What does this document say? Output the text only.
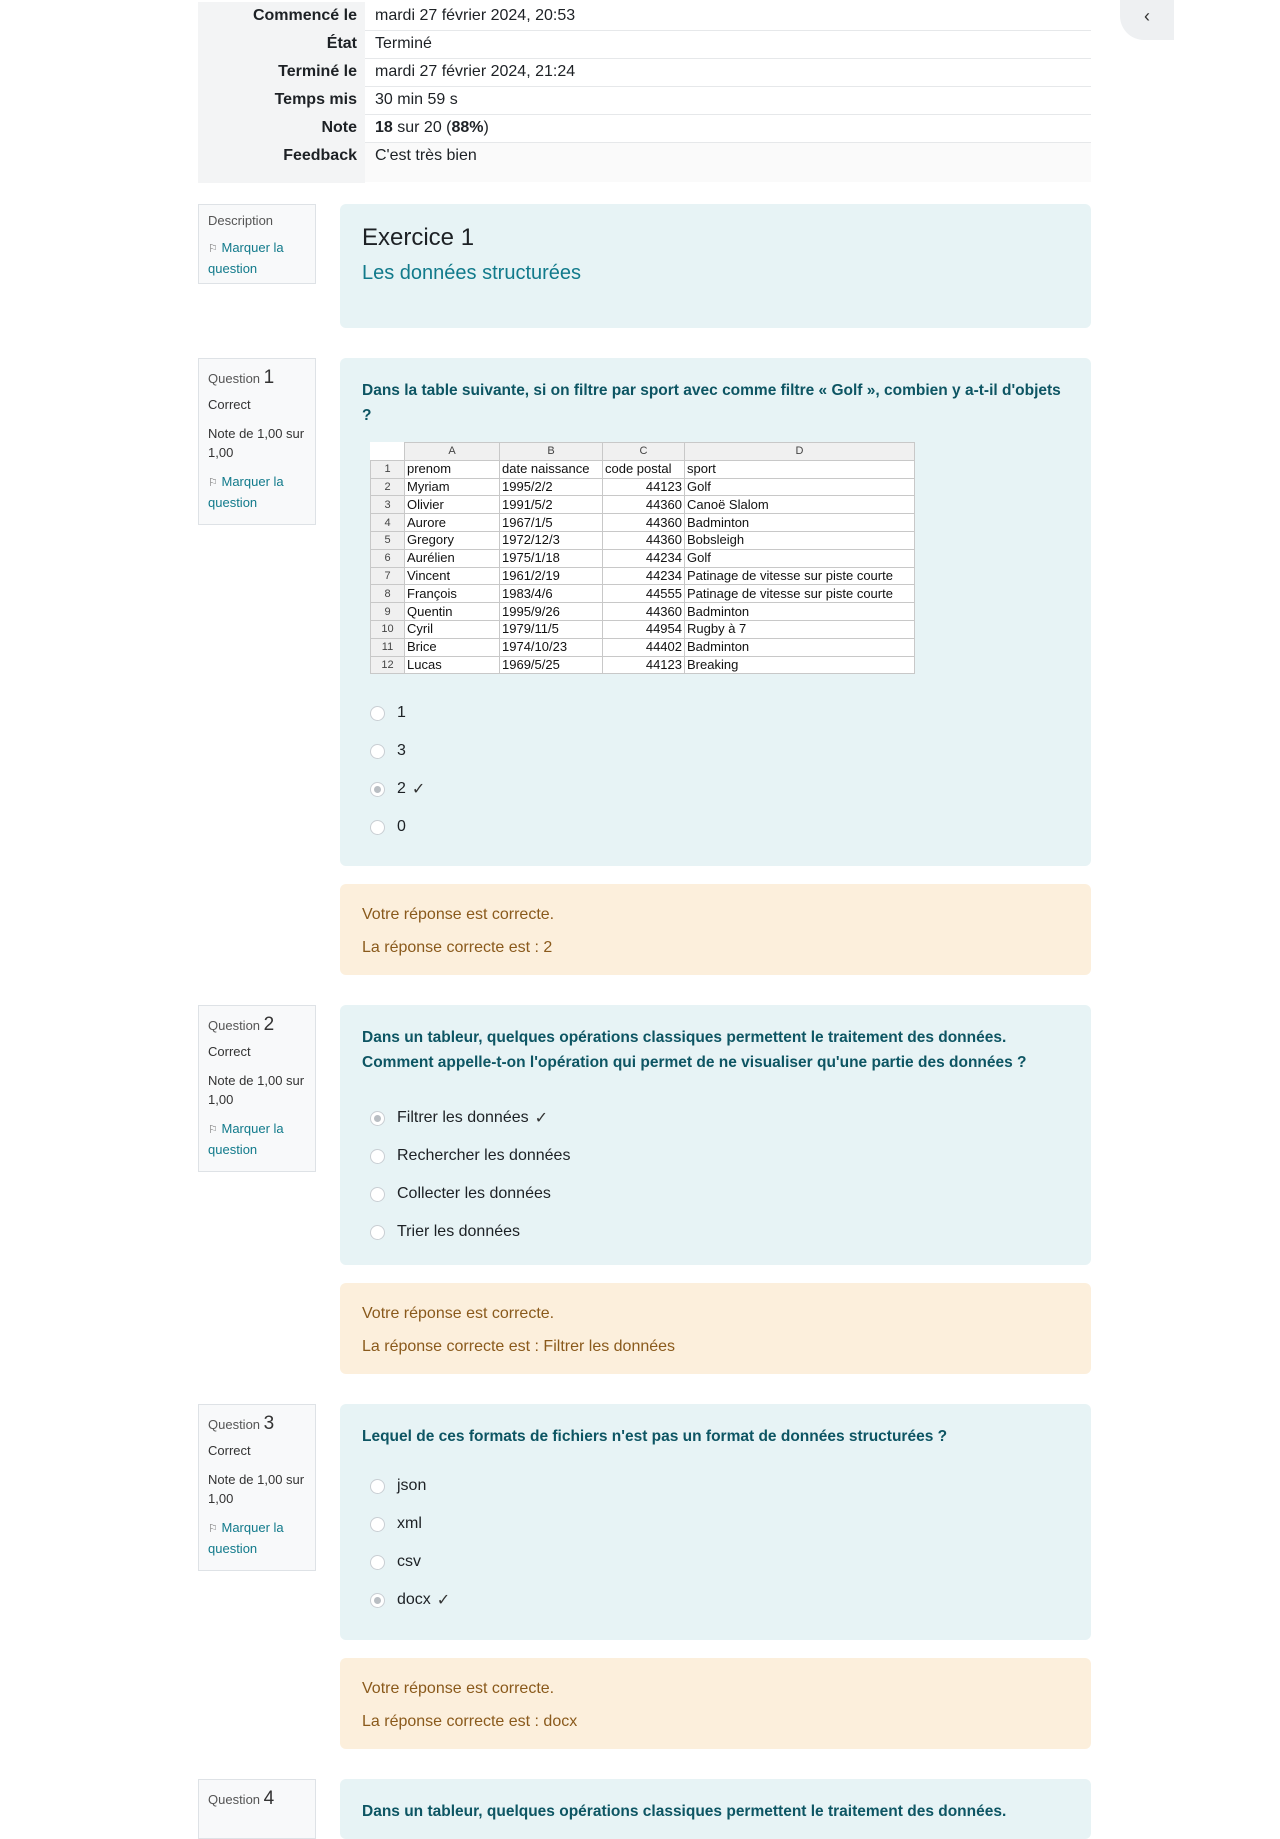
‹
Commencé le	mardi 27 février 2024, 20:53
État	Terminé
Terminé le	mardi 27 février 2024, 21:24
Temps mis	30 min 59 s
Note	18 sur 20 (88%)
Feedback	C'est très bien
Description
⚐ Marquer la question
Exercice 1
Les données structurées
Question 1
Correct
Note de 1,00 sur 1,00
⚐ Marquer la question
Dans la table suivante, si on filtre par sport avec comme filtre « Golf », combien y a-t-il d'objets ?
	A	B	C	D
1	prenom	date naissance	code postal	sport
2	Myriam	1995/2/2	44123	Golf
3	Olivier	1991/5/2	44360	Canoë Slalom
4	Aurore	1967/1/5	44360	Badminton
5	Gregory	1972/12/3	44360	Bobsleigh
6	Aurélien	1975/1/18	44234	Golf
7	Vincent	1961/2/19	44234	Patinage de vitesse sur piste courte
8	François	1983/4/6	44555	Patinage de vitesse sur piste courte
9	Quentin	1995/9/26	44360	Badminton
10	Cyril	1979/11/5	44954	Rugby à 7
11	Brice	1974/10/23	44402	Badminton
12	Lucas	1969/5/25	44123	Breaking
1
3
2 ✓
0
Votre réponse est correcte.
La réponse correcte est : 2
Question 2
Correct
Note de 1,00 sur 1,00
⚐ Marquer la question
Dans un tableur, quelques opérations classiques permettent le traitement des données. Comment appelle-t-on l'opération qui permet de ne visualiser qu'une partie des données ?
Filtrer les données ✓
Rechercher les données
Collecter les données
Trier les données
Votre réponse est correcte.
La réponse correcte est : Filtrer les données
Question 3
Correct
Note de 1,00 sur 1,00
⚐ Marquer la question
Lequel de ces formats de fichiers n'est pas un format de données structurées ?
json
xml
csv
docx ✓
Votre réponse est correcte.
La réponse correcte est : docx
Question 4
Dans un tableur, quelques opérations classiques permettent le traitement des données.
